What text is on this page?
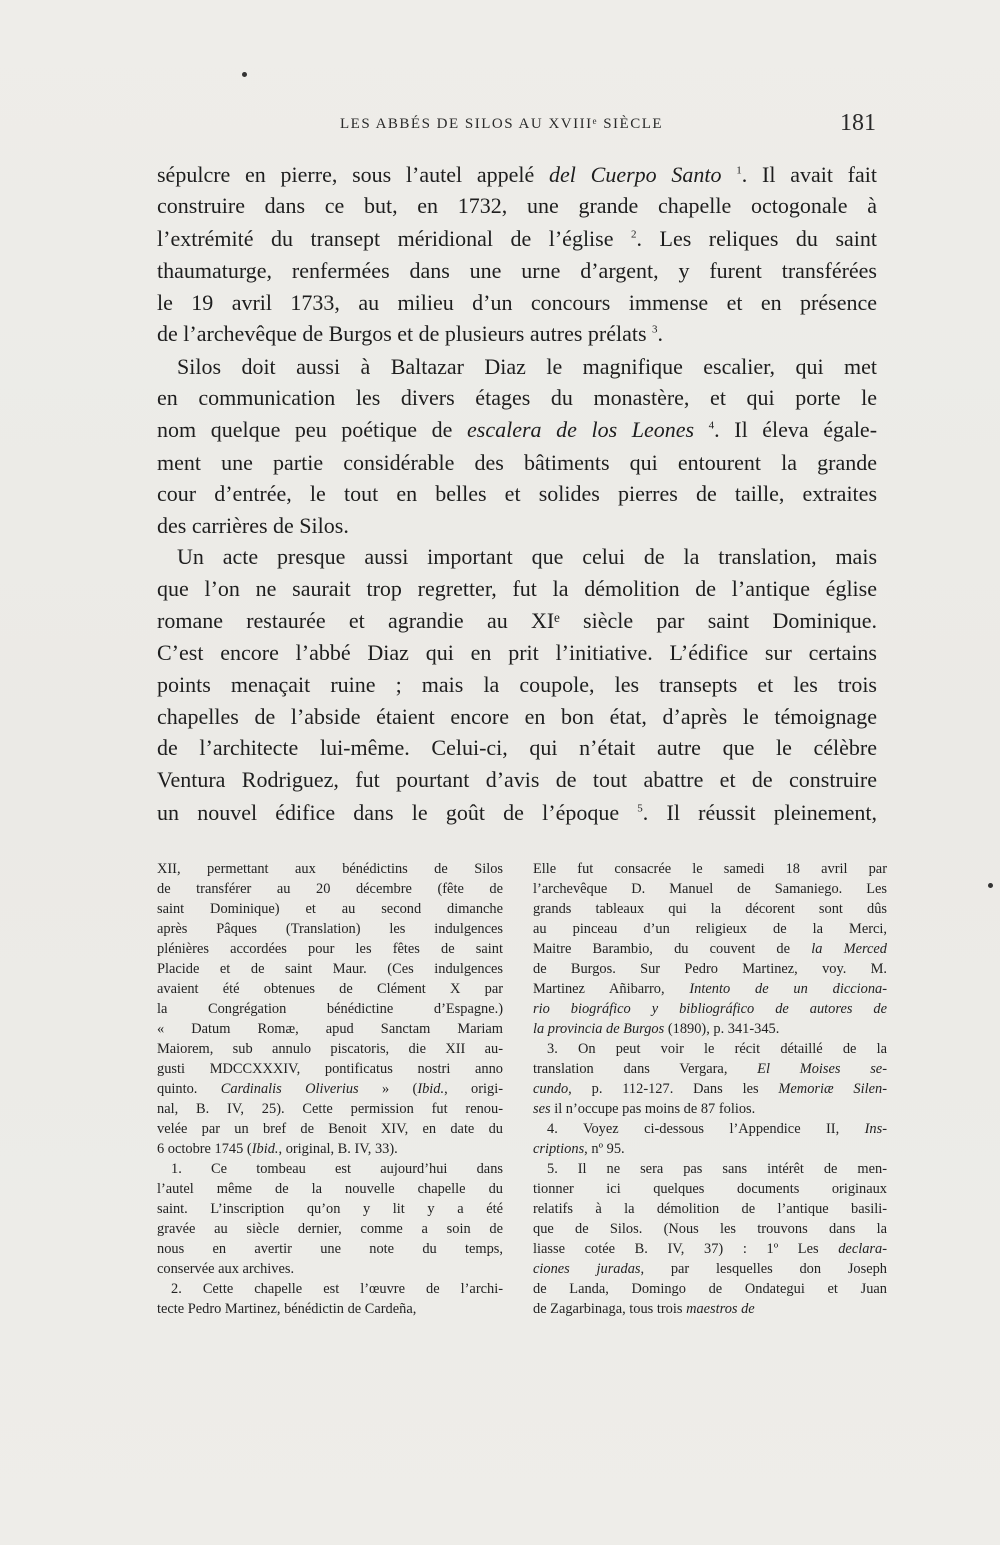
LES ABBÉS DE SILOS AU XVIIIᵉ SIÈCLE	181
sépulcre en pierre, sous l’autel appelé del Cuerpo Santo $^1$. Il avait fait
construire dans ce but, en 1732, une grande chapelle octogonale à
l’extrémité du transept méridional de l’église $^2$. Les reliques du saint
thaumaturge, renfermées dans une urne d’argent, y furent transférées
le 19 avril 1733, au milieu d’un concours immense et en présence
de l’archevêque de Burgos et de plusieurs autres prélats $^3$.
Silos doit aussi à Baltazar Diaz le magnifique escalier, qui met
en communication les divers étages du monastère, et qui porte le
nom quelque peu poétique de escalera de los Leones $^4$. Il éleva égale-
ment une partie considérable des bâtiments qui entourent la grande
cour d’entrée, le tout en belles et solides pierres de taille, extraites
des carrières de Silos.
Un acte presque aussi important que celui de la translation, mais
que l’on ne saurait trop regretter, fut la démolition de l’antique église
romane restaurée et agrandie au XIᵉ siècle par saint Dominique.
C’est encore l’abbé Diaz qui en prit l’initiative. L’édifice sur certains
points menaçait ruine ; mais la coupole, les transepts et les trois
chapelles de l’abside étaient encore en bon état, d’après le témoignage
de l’architecte lui-même. Celui-ci, qui n’était autre que le célèbre
Ventura Rodriguez, fut pourtant d’avis de tout abattre et de construire
un nouvel édifice dans le goût de l’époque $^5$. Il réussit pleinement,
XII, permettant aux bénédictins de Silos
de transférer au 20 décembre (fête de
saint Dominique) et au second dimanche
après Pâques (Translation) les indulgences
plénières accordées pour les fêtes de saint
Placide et de saint Maur. (Ces indulgences
avaient été obtenues de Clément X par
la Congrégation bénédictine d’Espagne.)
« Datum Romæ, apud Sanctam Mariam
Maiorem, sub annulo piscatoris, die XII au-
gusti MDCCXXXIV, pontificatus nostri anno
quinto. Cardinalis Oliverius » (Ibid., origi-
nal, B. IV, 25). Cette permission fut renou-
velée par un bref de Benoit XIV, en date du
6 octobre 1745 (Ibid., original, B. IV, 33).
1. Ce tombeau est aujourd’hui dans
l’autel même de la nouvelle chapelle du
saint. L’inscription qu’on y lit y a été
gravée au siècle dernier, comme a soin de
nous en avertir une note du temps,
conservée aux archives.
2. Cette chapelle est l’œuvre de l’archi-
tecte Pedro Martinez, bénédictin de Cardeña,
Elle fut consacrée le samedi 18 avril par
l’archevêque D. Manuel de Samaniego. Les
grands tableaux qui la décorent sont dûs
au pinceau d’un religieux de la Merci,
Maitre Barambio, du couvent de la Merced
de Burgos. Sur Pedro Martinez, voy. M.
Martinez Añibarro, Intento de un dicciona-
rio biográfico y bibliográfico de autores de
la provincia de Burgos (1890), p. 341-345.
3. On peut voir le récit détaillé de la
translation dans Vergara, El Moises se-
cundo, p. 112-127. Dans les Memoriæ Silen-
ses il n’occupe pas moins de 87 folios.
4. Voyez ci-dessous l’Appendice II, Ins-
criptions, nº 95.
5. Il ne sera pas sans intérêt de men-
tionner ici quelques documents originaux
relatifs à la démolition de l’antique basili-
que de Silos. (Nous les trouvons dans la
liasse cotée B. IV, 37) : 1º Les declara-
ciones juradas, par lesquelles don Joseph
de Landa, Domingo de Ondategui et Juan
de Zagarbinaga, tous trois maestros de
